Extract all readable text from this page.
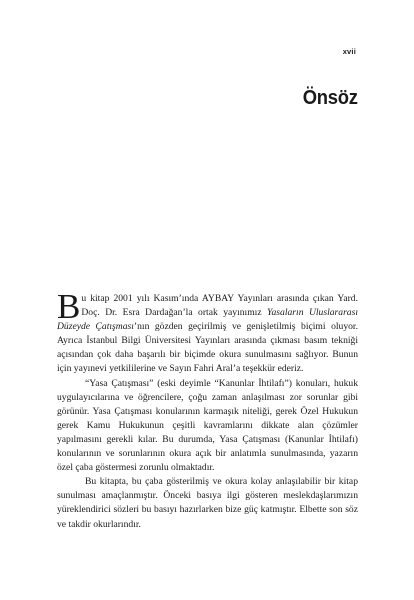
xvii
Önsöz

Bu kitap 2001 yılı Kasım’ında AYBAY Yayınları arasında çıkan Yard. Doç. Dr. Esra Dardağan’la ortak yayınımız Yasaların Uluslararası Düzeyde Çatışması’nın gözden geçirilmiş ve genişletilmiş biçimi oluyor. Ayrıca İstanbul Bilgi Üniversitesi Yayınları arasında çıkması basım tekniği açısından çok daha başarılı bir biçimde okura sunulmasını sağlıyor. Bunun için yayınevi yetkililerine ve Sayın Fahri Aral’a teşekkür ederiz.

“Yasa Çatışması” (eski deyimle “Kanunlar İhtilafı”) konuları, hukuk uygulayıcılarına ve öğrencilere, çoğu zaman anlaşılması zor sorunlar gibi görünür. Yasa Çatışması konularının karmaşık niteliği, gerek Özel Hukukun gerek Kamu Hukukunun çeşitli kavramlarını dikkate alan çözümler yapılmasını gerekli kılar. Bu durumda, Yasa Çatışması (Kanunlar İhtilafı) konularının ve sorunlarının okura açık bir anlatımla sunulmasında, yazarın özel çaba göstermesi zorunlu olmaktadır.

Bu kitapta, bu çaba gösterilmiş ve okura kolay anlaşılabilir bir kitap sunulması amaçlanmıştır. Önceki basıya ilgi gösteren meslekdaşlarımızın yüreklendirici sözleri bu basıyı hazırlarken bize güç katmıştır. Elbette son söz ve takdir okurlarındır.
